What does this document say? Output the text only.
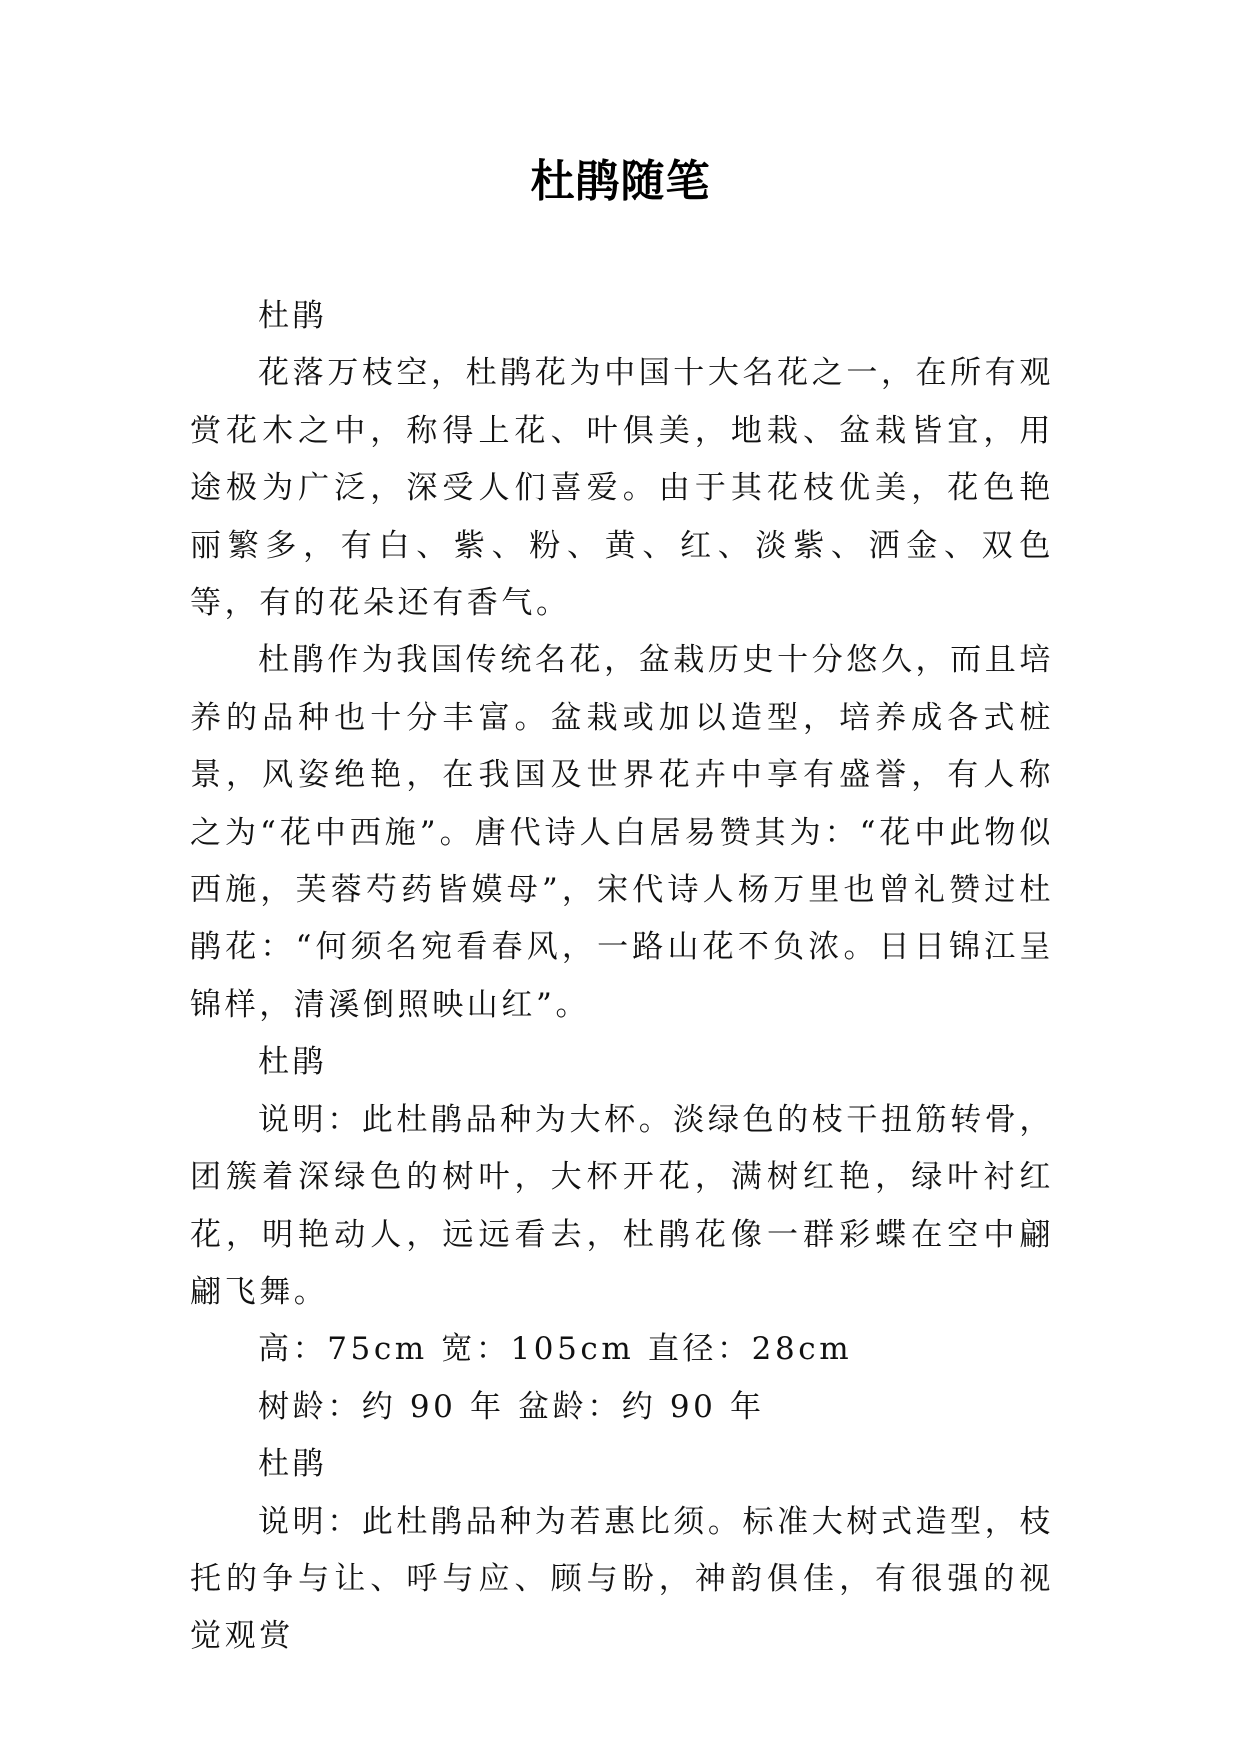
杜鹃随笔

杜鹃

花落万枝空，杜鹃花为中国十大名花之一，在所有观赏花木之中，称得上花、叶俱美，地栽、盆栽皆宜，用途极为广泛，深受人们喜爱。由于其花枝优美，花色艳丽繁多，有白、紫、粉、黄、红、淡紫、洒金、双色等，有的花朵还有香气。

杜鹃作为我国传统名花，盆栽历史十分悠久，而且培养的品种也十分丰富。盆栽或加以造型，培养成各式桩景，风姿绝艳，在我国及世界花卉中享有盛誉，有人称之为“花中西施”。唐代诗人白居易赞其为：“花中此物似西施，芙蓉芍药皆嫫母”，宋代诗人杨万里也曾礼赞过杜鹃花：“何须名宛看春风，一路山花不负浓。日日锦江呈锦样，清溪倒照映山红”。

杜鹃

说明：此杜鹃品种为大杯。淡绿色的枝干扭筋转骨，团簇着深绿色的树叶，大杯开花，满树红艳，绿叶衬红花，明艳动人，远远看去，杜鹃花像一群彩蝶在空中翩翩飞舞。

高：75cm 宽：105cm 直径：28cm

树龄：约 90 年 盆龄：约 90 年

杜鹃

说明：此杜鹃品种为若惠比须。标准大树式造型，枝托的争与让、呼与应、顾与盼，神韵俱佳，有很强的视觉观赏
